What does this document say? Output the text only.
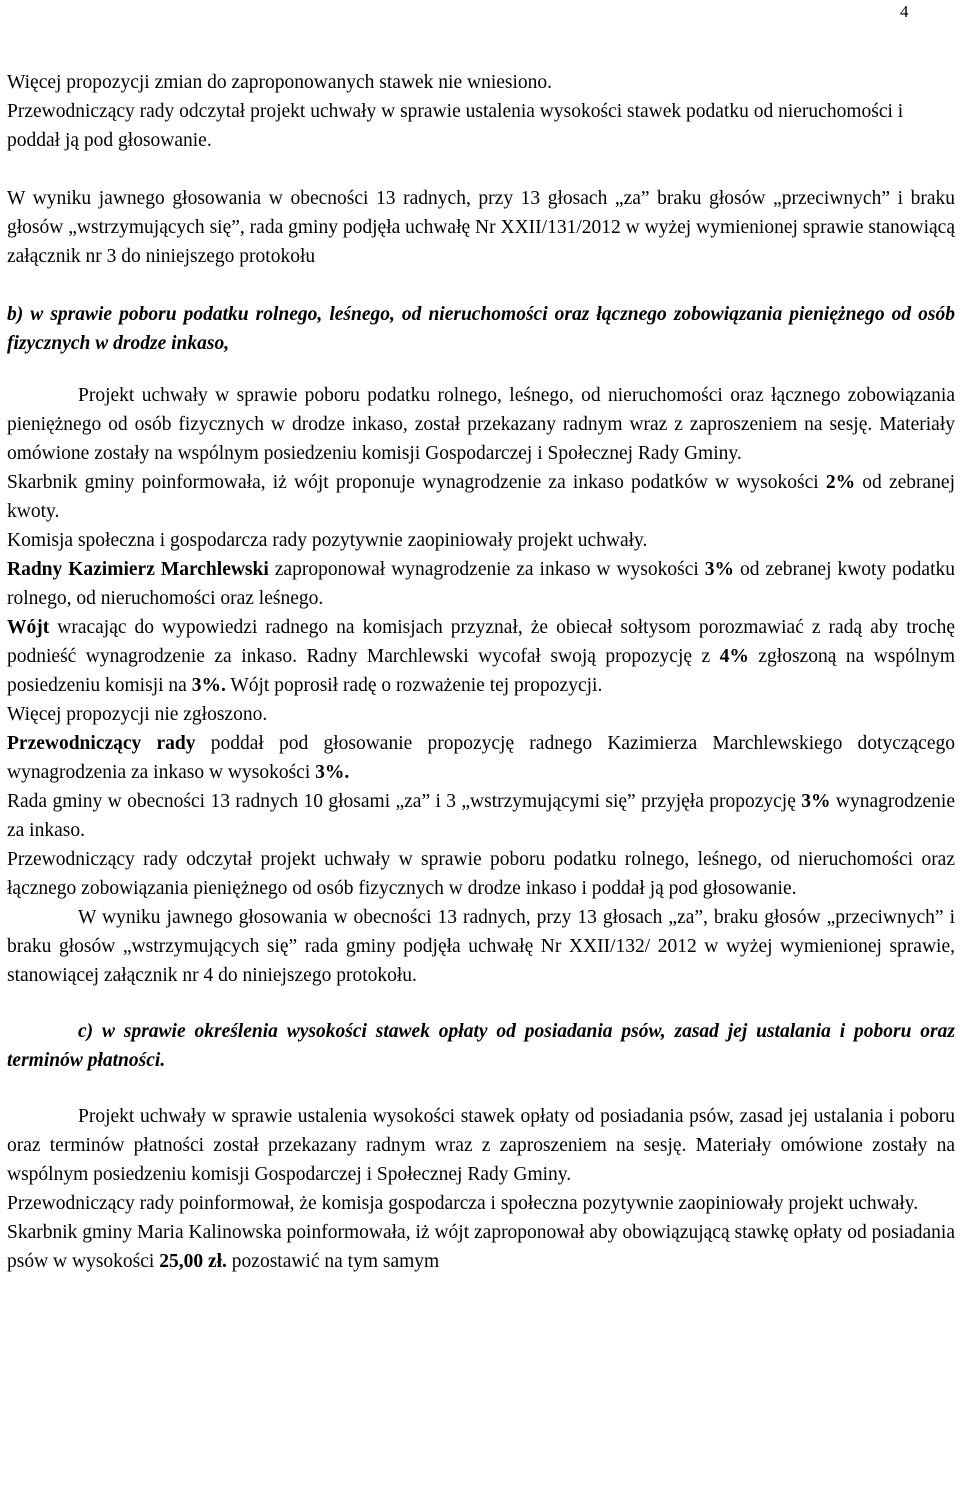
4

Więcej propozycji zmian do zaproponowanych stawek nie wniesiono.

Przewodniczący rady odczytał projekt uchwały w sprawie ustalenia wysokości stawek podatku od nieruchomości i poddał ją pod głosowanie.

W wyniku jawnego głosowania w obecności 13 radnych, przy 13 głosach „za” braku głosów „przeciwnych” i braku głosów „wstrzymujących się”, rada gminy podjęła uchwałę Nr XXII/131/2012 w wyżej wymienionej sprawie stanowiącą załącznik nr 3 do niniejszego protokołu

b) w sprawie poboru podatku rolnego, leśnego, od nieruchomości oraz łącznego zobowiązania pieniężnego od osób fizycznych w drodze inkaso,

Projekt uchwały w sprawie poboru podatku rolnego, leśnego, od nieruchomości oraz łącznego zobowiązania pieniężnego od osób fizycznych w drodze inkaso, został przekazany radnym wraz z zaproszeniem na sesję. Materiały omówione zostały na wspólnym posiedzeniu komisji Gospodarczej i Społecznej Rady Gminy.

Skarbnik gminy poinformowała, iż wójt proponuje wynagrodzenie za inkaso podatków w wysokości 2% od zebranej kwoty.

Komisja społeczna i gospodarcza rady pozytywnie zaopiniowały projekt uchwały.

Radny Kazimierz Marchlewski zaproponował wynagrodzenie za inkaso w wysokości 3% od zebranej kwoty podatku rolnego, od nieruchomości oraz leśnego.

Wójt wracając do wypowiedzi radnego na komisjach przyznał, że obiecał sołtysom porozmawiać z radą aby trochę podnieść wynagrodzenie za inkaso. Radny Marchlewski wycofał swoją propozycję z 4% zgłoszoną na wspólnym posiedzeniu komisji na 3%. Wójt poprosił radę o rozważenie tej propozycji.

Więcej propozycji nie zgłoszono.

Przewodniczący rady poddał pod głosowanie propozycję radnego Kazimierza Marchlewskiego dotyczącego wynagrodzenia za inkaso w wysokości 3%.

Rada gminy w obecności 13 radnych 10 głosami „za” i 3 „wstrzymującymi się” przyjęła propozycję 3% wynagrodzenie za inkaso.

Przewodniczący rady odczytał projekt uchwały w sprawie poboru podatku rolnego, leśnego, od nieruchomości oraz łącznego zobowiązania pieniężnego od osób fizycznych w drodze inkaso i poddał ją pod głosowanie.

W wyniku jawnego głosowania w obecności 13 radnych, przy 13 głosach „za”, braku głosów „przeciwnych” i braku głosów „wstrzymujących się” rada gminy podjęła uchwałę Nr XXII/132/ 2012 w wyżej wymienionej sprawie, stanowiącej załącznik nr 4 do niniejszego protokołu.

c) w sprawie określenia wysokości stawek opłaty od posiadania psów, zasad jej ustalania i poboru oraz terminów płatności.

Projekt uchwały w sprawie ustalenia wysokości stawek opłaty od posiadania psów, zasad jej ustalania i poboru oraz terminów płatności został przekazany radnym wraz z zaproszeniem na sesję. Materiały omówione zostały na wspólnym posiedzeniu komisji Gospodarczej i Społecznej Rady Gminy.

Przewodniczący rady poinformował, że komisja gospodarcza i społeczna pozytywnie zaopiniowały projekt uchwały.

Skarbnik gminy Maria Kalinowska poinformowała, iż wójt zaproponował aby obowiązującą stawkę opłaty od posiadania psów w wysokości 25,00 zł. pozostawić na tym samym
